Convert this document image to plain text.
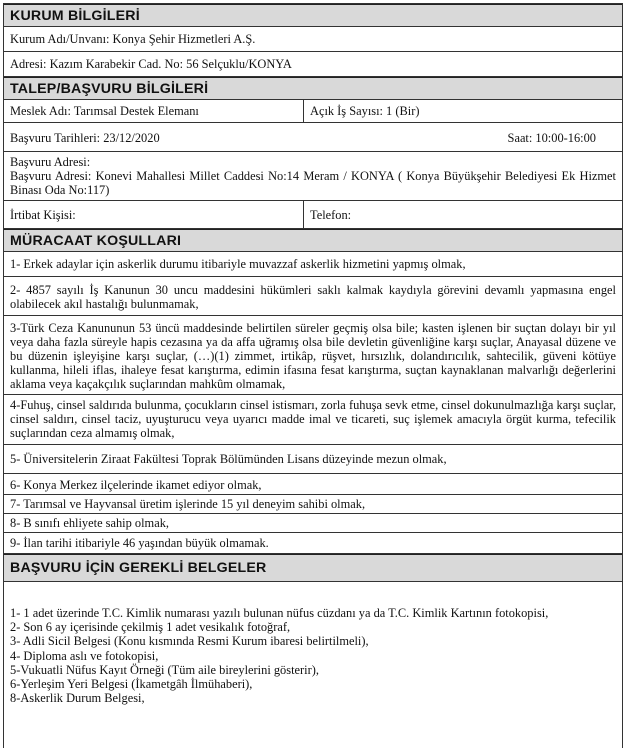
KURUM BİLGİLERİ
Kurum Adı/Unvanı: Konya Şehir Hizmetleri A.Ş.
Adresi: Kazım Karabekir Cad. No: 56 Selçuklu/KONYA
TALEP/BAŞVURU BİLGİLERİ
Meslek Adı: Tarımsal Destek Elemanı	Açık İş Sayısı: 1 (Bir)
Başvuru Tarihleri: 23/12/2020	Saat: 10:00-16:00
Başvuru Adresi:
Başvuru Adresi: Konevi Mahallesi Millet Caddesi No:14 Meram / KONYA ( Konya Büyükşehir Belediyesi Ek Hizmet Binası Oda No:117)
İrtibat Kişisi:	Telefon:
MÜRACAAT KOŞULLARI
1- Erkek adaylar için askerlik durumu itibariyle muvazzaf askerlik hizmetini yapmış olmak,
2- 4857 sayılı İş Kanunun 30 uncu maddesini hükümleri saklı kalmak kaydıyla görevini devamlı yapmasına engel olabilecek akıl hastalığı bulunmamak,
3-Türk Ceza Kanununun 53 üncü maddesinde belirtilen süreler geçmiş olsa bile; kasten işlenen bir suçtan dolayı bir yıl veya daha fazla süreyle hapis cezasına ya da affa uğramış olsa bile devletin güvenliğine karşı suçlar, Anayasal düzene ve bu düzenin işleyişine karşı suçlar, (…)(1) zimmet, irtikâp, rüşvet, hırsızlık, dolandırıcılık, sahtecilik, güveni kötüye kullanma, hileli iflas, ihaleye fesat karıştırma, edimin ifasına fesat karıştırma, suçtan kaynaklanan malvarlığı değerlerini aklama veya kaçakçılık suçlarından mahkûm olmamak,
4-Fuhuş, cinsel saldırıda bulunma, çocukların cinsel istismarı, zorla fuhuşa sevk etme, cinsel dokunulmazlığa karşı suçlar, cinsel saldırı, cinsel taciz, uyuşturucu veya uyarıcı madde imal ve ticareti, suç işlemek amacıyla örgüt kurma, tefecilik suçlarından ceza almamış olmak,
5- Üniversitelerin Ziraat Fakültesi Toprak Bölümünden Lisans düzeyinde mezun olmak,
6- Konya Merkez ilçelerinde ikamet ediyor olmak,
7- Tarımsal ve Hayvansal üretim işlerinde 15 yıl deneyim sahibi olmak,
8- B sınıfı ehliyete sahip olmak,
9- İlan tarihi itibariyle 46 yaşından büyük olmamak.
BAŞVURU İÇİN GEREKLİ BELGELER
1- 1 adet üzerinde T.C. Kimlik numarası yazılı bulunan nüfus cüzdanı ya da T.C. Kimlik Kartının fotokopisi,
2- Son 6 ay içerisinde çekilmiş 1 adet vesikalık fotoğraf,
3- Adli Sicil Belgesi (Konu kısmında Resmi Kurum ibaresi belirtilmeli),
4- Diploma aslı ve fotokopisi,
5-Vukuatli Nüfus Kayıt Örneği (Tüm aile bireylerini gösterir),
6-Yerleşim Yeri Belgesi (İkametgâh İlmühaberi),
8-Askerlik Durum Belgesi,
